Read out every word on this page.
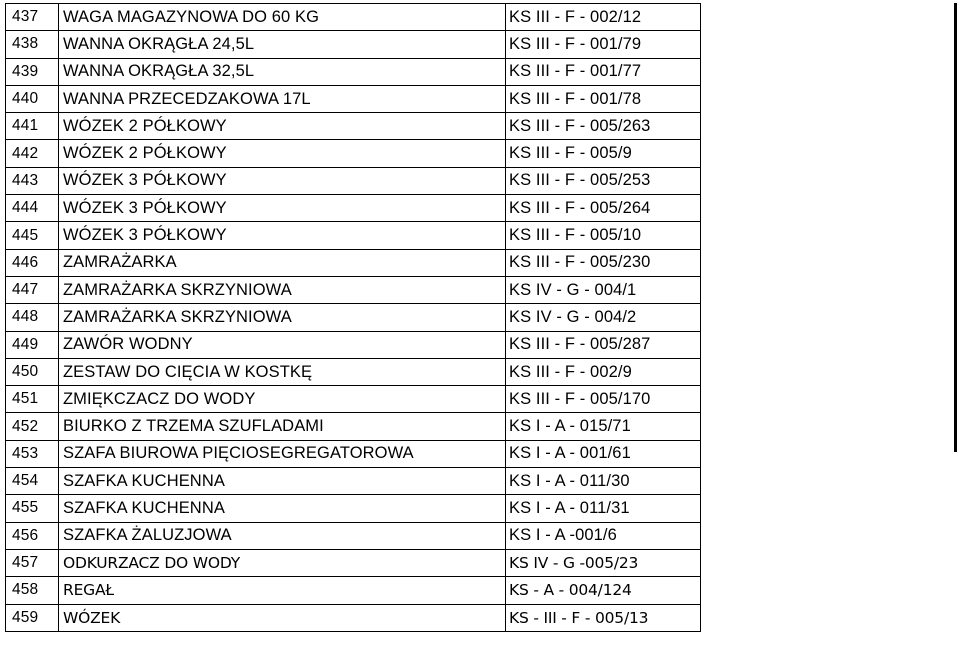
437	WAGA MAGAZYNOWA DO 60 KG	KS III - F - 002/12
438	WANNA OKRĄGŁA 24,5L	KS III - F - 001/79
439	WANNA OKRĄGŁA 32,5L	KS III - F - 001/77
440	WANNA PRZECEDZAKOWA 17L	KS III - F - 001/78
441	WÓZEK 2 PÓŁKOWY	KS III - F - 005/263
442	WÓZEK 2 PÓŁKOWY	KS III - F - 005/9
443	WÓZEK 3 PÓŁKOWY	KS III - F - 005/253
444	WÓZEK 3 PÓŁKOWY	KS III - F - 005/264
445	WÓZEK 3 PÓŁKOWY	KS III - F - 005/10
446	ZAMRAŻARKA	KS III - F - 005/230
447	ZAMRAŻARKA SKRZYNIOWA	KS IV - G - 004/1
448	ZAMRAŻARKA SKRZYNIOWA	KS IV - G - 004/2
449	ZAWÓR WODNY	KS III - F - 005/287
450	ZESTAW DO CIĘCIA W KOSTKĘ	KS III - F - 002/9
451	ZMIĘKCZACZ DO WODY	KS III - F - 005/170
452	BIURKO Z TRZEMA SZUFLADAMI	KS I - A - 015/71
453	SZAFA BIUROWA PIĘCIOSEGREGATOROWA	KS I - A - 001/61
454	SZAFKA KUCHENNA	KS I - A - 011/30
455	SZAFKA KUCHENNA	KS I - A - 011/31
456	SZAFKA ŻALUZJOWA	KS I - A -001/6
457	ODKURZACZ DO WODY	KS IV - G -005/23
458	REGAŁ	KS - A - 004/124
459	WÓZEK	KS - III - F - 005/13
